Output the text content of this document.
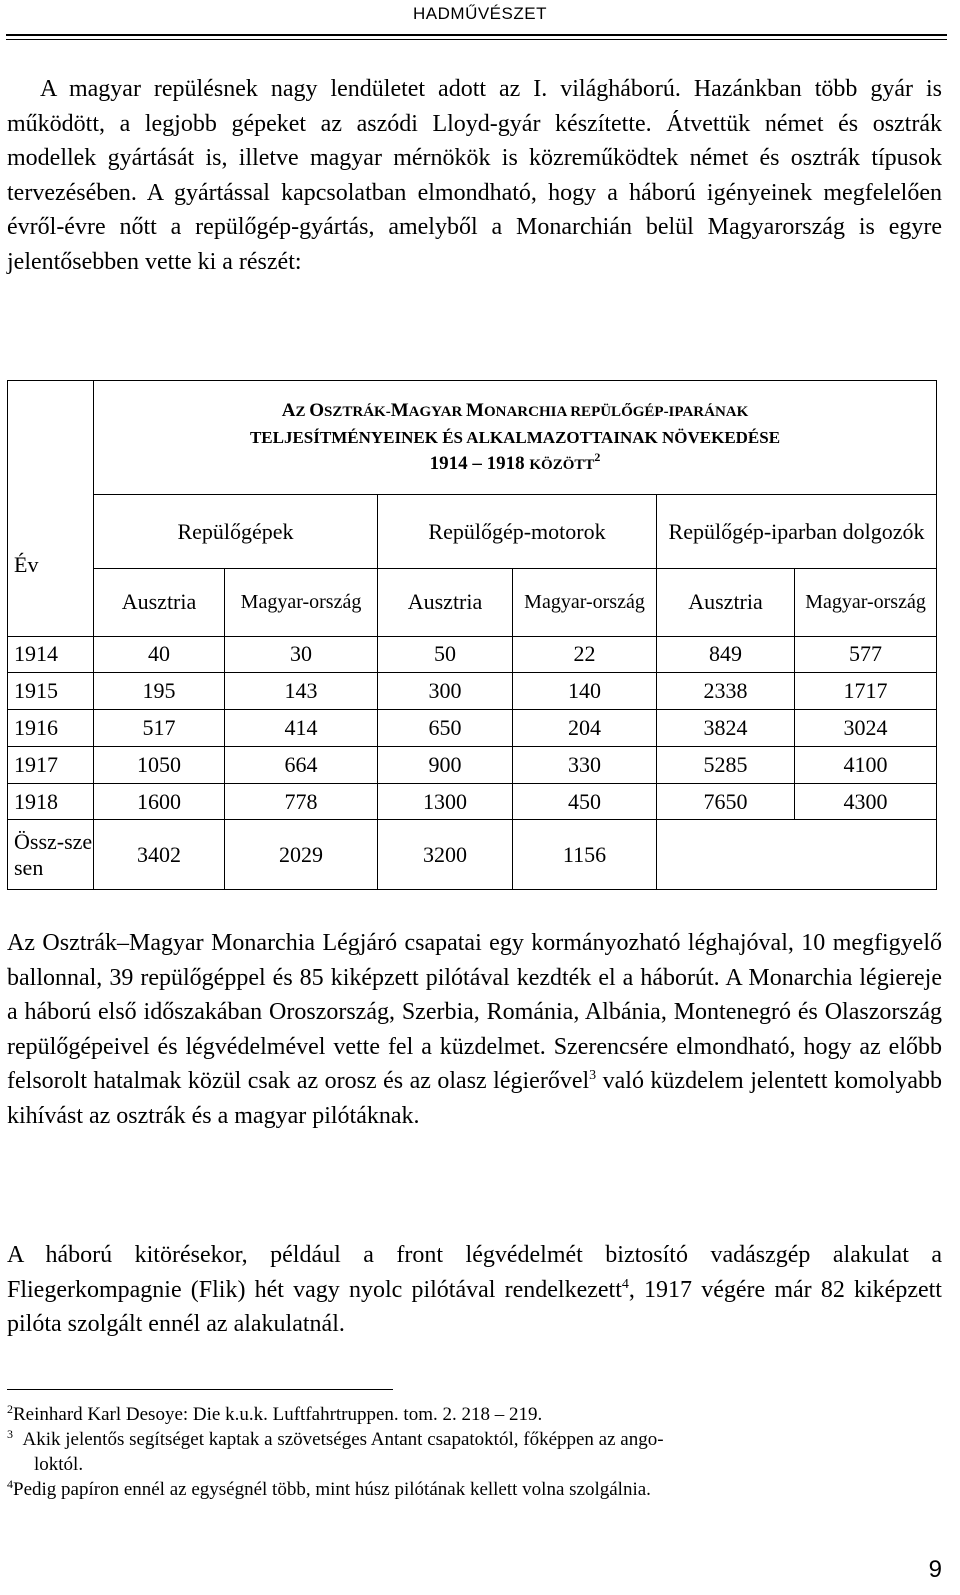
HADMŰVÉSZET
A magyar repülésnek nagy lendületet adott az I. világháború. Hazánkban több gyár is működött, a legjobb gépeket az aszódi Lloyd-gyár készítette. Átvettük német és osztrák modellek gyártását is, illetve magyar mérnökök is közreműködtek német és osztrák típusok tervezésében. A gyártással kapcsolatban elmondható, hogy a háború igényeinek megfelelően évről-évre nőtt a repülőgép-gyártás, amelyből a Monarchián belül Magyarország is egyre jelentősebben vette ki a részét:

	AZ OSZTRÁK-MAGYAR MONARCHIA REPÜLŐGÉP-IPARÁNAK
TELJESÍTMÉNYEINEK ÉS ALKALMAZOTTAINAK NÖVEKEDÉSE
1914 – 1918 KÖZÖTT$^2$

Év	Repülőgépek		Repülőgép-motorok		Repülőgép-iparban dolgozók	
	Ausztria	Magyar-ország	Ausztria	Magyar-ország	Ausztria	Magyar-ország
1914	40	30	50	22	849	577
1915	195	143	300	140	2338	1717
1916	517	414	650	204	3824	3024
1917	1050	664	900	330	5285	4100
1918	1600	778	1300	450	7650	4300
Össz-szesen	3402	2029	3200	1156		
Az Osztrák–Magyar Monarchia Légjáró csapatai egy kormányozható léghajóval, 10 megfigyelő ballonnal, 39 repülőgéppel és 85 kiképzett pilótával kezdték el a háborút. A Monarchia légiereje a háború első időszakában Oroszország, Szerbia, Románia, Albánia, Montenegró és Olaszország repülőgépeivel és légvédelmével vette fel a küzdelmet. Szerencsére elmondható, hogy az előbb felsorolt hatalmak közül csak az orosz és az olasz légierővel$^3$ való küzdelem jelentett komolyabb kihívást az osztrák és a magyar pilótáknak.
A háború kitörésekor, például a front légvédelmét biztosító vadászgép alakulat a Fliegerkompagnie (Flik) hét vagy nyolc pilótával rendelkezett$^4$, 1917 végére már 82 kiképzett pilóta szolgált ennél az alakulatnál.
$^2$Reinhard Karl Desoye: Die k.u.k. Luftfahrtruppen. tom. 2. 218 – 219.
$^3$ Akik jelentős segítséget kaptak a szövetséges Antant csapatoktól, főképpen az ango-
loktól.
$^4$Pedig papíron ennél az egységnél több, mint húsz pilótának kellett volna szolgálnia.
9
